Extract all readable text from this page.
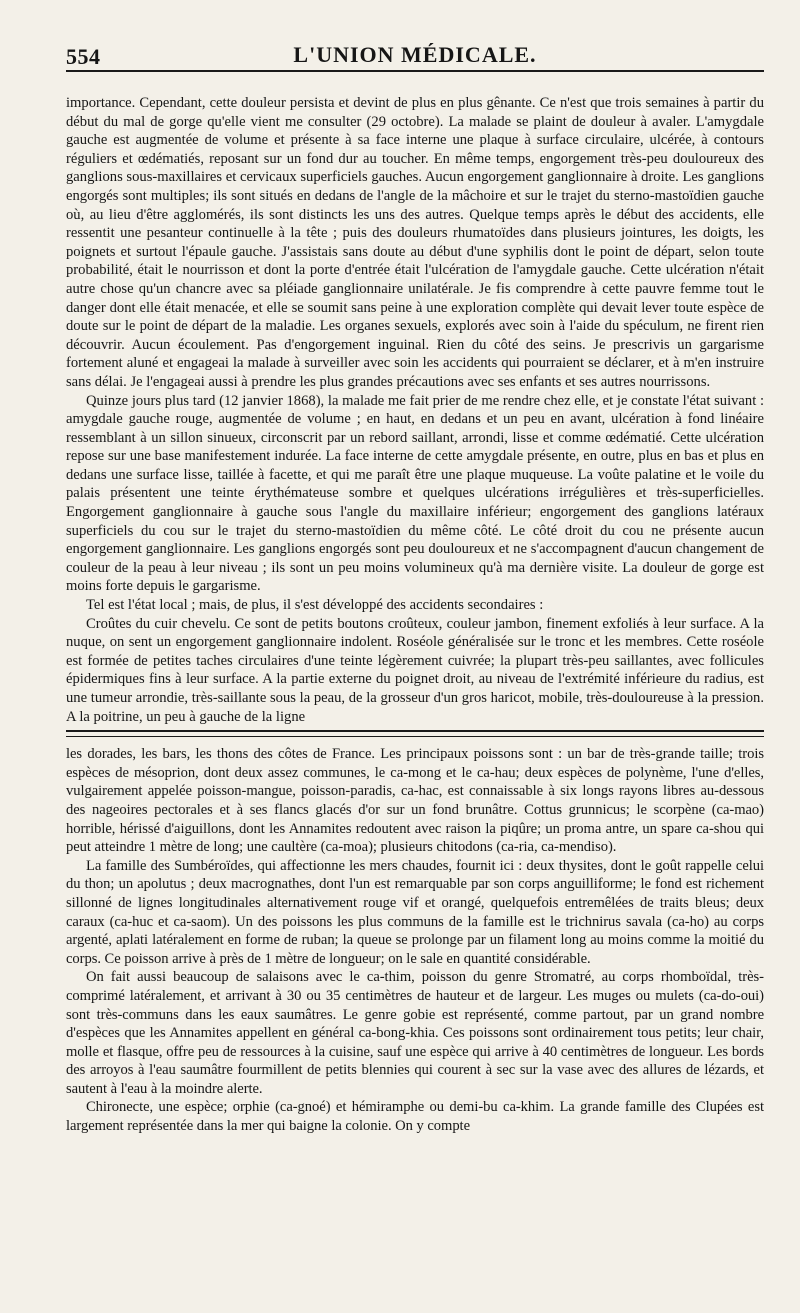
554	L'UNION MÉDICALE.

importance. Cependant, cette douleur persista et devint de plus en plus gênante. Ce n'est que trois semaines à partir du début du mal de gorge qu'elle vient me consulter (29 octobre). La malade se plaint de douleur à avaler. L'amygdale gauche est augmentée de volume et présente à sa face interne une plaque à surface circulaire, ulcérée, à contours réguliers et œdématiés, reposant sur un fond dur au toucher. En même temps, engorgement très-peu douloureux des ganglions sous-maxillaires et cervicaux superficiels gauches. Aucun engorgement ganglionnaire à droite. Les ganglions engorgés sont multiples; ils sont situés en dedans de l'angle de la mâchoire et sur le trajet du sterno-mastoïdien gauche où, au lieu d'être agglomérés, ils sont distincts les uns des autres. Quelque temps après le début des accidents, elle ressentit une pesanteur continuelle à la tête ; puis des douleurs rhumatoïdes dans plusieurs jointures, les doigts, les poignets et surtout l'épaule gauche. J'assistais sans doute au début d'une syphilis dont le point de départ, selon toute probabilité, était le nourrisson et dont la porte d'entrée était l'ulcération de l'amygdale gauche. Cette ulcération n'était autre chose qu'un chancre avec sa pléiade ganglionnaire unilatérale. Je fis comprendre à cette pauvre femme tout le danger dont elle était menacée, et elle se soumit sans peine à une exploration complète qui devait lever toute espèce de doute sur le point de départ de la maladie. Les organes sexuels, explorés avec soin à l'aide du spéculum, ne firent rien découvrir. Aucun écoulement. Pas d'engorgement inguinal. Rien du côté des seins. Je prescrivis un gargarisme fortement aluné et engageai la malade à surveiller avec soin les accidents qui pourraient se déclarer, et à m'en instruire sans délai. Je l'engageai aussi à prendre les plus grandes précautions avec ses enfants et ses autres nourrissons.

Quinze jours plus tard (12 janvier 1868), la malade me fait prier de me rendre chez elle, et je constate l'état suivant : amygdale gauche rouge, augmentée de volume ; en haut, en dedans et un peu en avant, ulcération à fond linéaire ressemblant à un sillon sinueux, circonscrit par un rebord saillant, arrondi, lisse et comme œdématié. Cette ulcération repose sur une base manifestement indurée. La face interne de cette amygdale présente, en outre, plus en bas et plus en dedans une surface lisse, taillée à facette, et qui me paraît être une plaque muqueuse. La voûte palatine et le voile du palais présentent une teinte érythémateuse sombre et quelques ulcérations irrégulières et très-superficielles. Engorgement ganglionnaire à gauche sous l'angle du maxillaire inférieur; engorgement des ganglions latéraux superficiels du cou sur le trajet du sterno-mastoïdien du même côté. Le côté droit du cou ne présente aucun engorgement ganglionnaire. Les ganglions engorgés sont peu douloureux et ne s'accompagnent d'aucun changement de couleur de la peau à leur niveau ; ils sont un peu moins volumineux qu'à ma dernière visite. La douleur de gorge est moins forte depuis le gargarisme.

Tel est l'état local ; mais, de plus, il s'est développé des accidents secondaires :

Croûtes du cuir chevelu. Ce sont de petits boutons croûteux, couleur jambon, finement exfoliés à leur surface. A la nuque, on sent un engorgement ganglionnaire indolent. Roséole généralisée sur le tronc et les membres. Cette roséole est formée de petites taches circulaires d'une teinte légèrement cuivrée; la plupart très-peu saillantes, avec follicules épidermiques fins à leur surface. A la partie externe du poignet droit, au niveau de l'extrémité inférieure du radius, est une tumeur arrondie, très-saillante sous la peau, de la grosseur d'un gros haricot, mobile, très-douloureuse à la pression. A la poitrine, un peu à gauche de la ligne

les dorades, les bars, les thons des côtes de France. Les principaux poissons sont : un bar de très-grande taille; trois espèces de mésoprion, dont deux assez communes, le ca-mong et le ca-hau; deux espèces de polynème, l'une d'elles, vulgairement appelée poisson-mangue, poisson-paradis, ca-hac, est connaissable à six longs rayons libres au-dessous des nageoires pectorales et à ses flancs glacés d'or sur un fond brunâtre. Cottus grunnicus; le scorpène (ca-mao) horrible, hérissé d'aiguillons, dont les Annamites redoutent avec raison la piqûre; un proma antre, un spare ca-shou qui peut atteindre 1 mètre de long; une caultère (ca-moa); plusieurs chitodons (ca-ria, ca-mendiso).

La famille des Sumbéroïdes, qui affectionne les mers chaudes, fournit ici : deux thysites, dont le goût rappelle celui du thon; un apolutus ; deux macrognathes, dont l'un est remarquable par son corps anguilliforme; le fond est richement sillonné de lignes longitudinales alternativement rouge vif et orangé, quelquefois entremêlées de traits bleus; deux caraux (ca-huc et ca-saom). Un des poissons les plus communs de la famille est le trichnirus savala (ca-ho) au corps argenté, aplati latéralement en forme de ruban; la queue se prolonge par un filament long au moins comme la moitié du corps. Ce poisson arrive à près de 1 mètre de longueur; on le sale en quantité considérable.

On fait aussi beaucoup de salaisons avec le ca-thim, poisson du genre Stromatré, au corps rhomboïdal, très-comprimé latéralement, et arrivant à 30 ou 35 centimètres de hauteur et de largeur. Les muges ou mulets (ca-do-oui) sont très-communs dans les eaux saumâtres. Le genre gobie est représenté, comme partout, par un grand nombre d'espèces que les Annamites appellent en général ca-bong-khia. Ces poissons sont ordinairement tous petits; leur chair, molle et flasque, offre peu de ressources à la cuisine, sauf une espèce qui arrive à 40 centimètres de longueur. Les bords des arroyos à l'eau saumâtre fourmillent de petits blennies qui courent à sec sur la vase avec des allures de lézards, et sautent à l'eau à la moindre alerte.

Chironecte, une espèce; orphie (ca-gnoé) et hémiramphe ou demi-bu ca-khim. La grande famille des Clupées est largement représentée dans la mer qui baigne la colonie. On y compte
